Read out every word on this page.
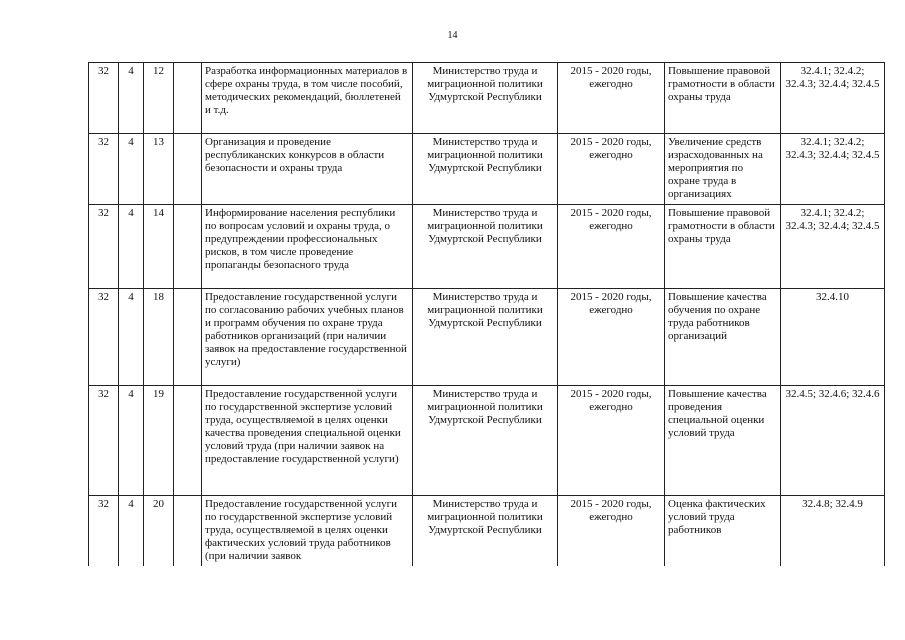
14
32	4	12		Разработка информационных материалов в сфере охраны труда, в том числе пособий, методических рекомендаций, бюллетеней и т.д.	Министерство труда и миграционной политики Удмуртской Республики	2015 - 2020 годы, ежегодно	Повышение правовой грамотности в области охраны труда	32.4.1; 32.4.2; 32.4.3; 32.4.4; 32.4.5
32	4	13		Организация и проведение республиканских конкурсов в области безопасности и охраны труда	Министерство труда и миграционной политики Удмуртской Республики	2015 - 2020 годы, ежегодно	Увеличение средств израсходованных на мероприятия по охране труда в организациях	32.4.1; 32.4.2; 32.4.3; 32.4.4; 32.4.5
32	4	14		Информирование населения республики по вопросам условий и охраны труда, о предупреждении профессиональных рисков, в том числе проведение пропаганды безопасного труда	Министерство труда и миграционной политики Удмуртской Республики	2015 - 2020 годы, ежегодно	Повышение правовой грамотности в области охраны труда	32.4.1; 32.4.2; 32.4.3; 32.4.4; 32.4.5
32	4	18		Предоставление государственной услуги по согласованию рабочих учебных планов и программ обучения по охране труда работников организаций (при наличии заявок на предоставление государственной услуги)	Министерство труда и миграционной политики Удмуртской Республики	2015 - 2020 годы, ежегодно	Повышение качества обучения по охране труда работников организаций	32.4.10
32	4	19		Предоставление государственной услуги по государственной экспертизе условий труда, осуществляемой в целях оценки качества проведения специальной оценки условий труда (при наличии заявок на предоставление государственной услуги)	Министерство труда и миграционной политики Удмуртской Республики	2015 - 2020 годы, ежегодно	Повышение качества проведения специальной оценки условий труда	32.4.5; 32.4.6; 32.4.6
32	4	20		Предоставление государственной услуги по государственной экспертизе условий труда, осуществляемой в целях оценки фактических условий труда работников (при наличии заявок	Министерство труда и миграционной политики Удмуртской Республики	2015 - 2020 годы, ежегодно	Оценка фактических условий труда работников	32.4.8; 32.4.9
